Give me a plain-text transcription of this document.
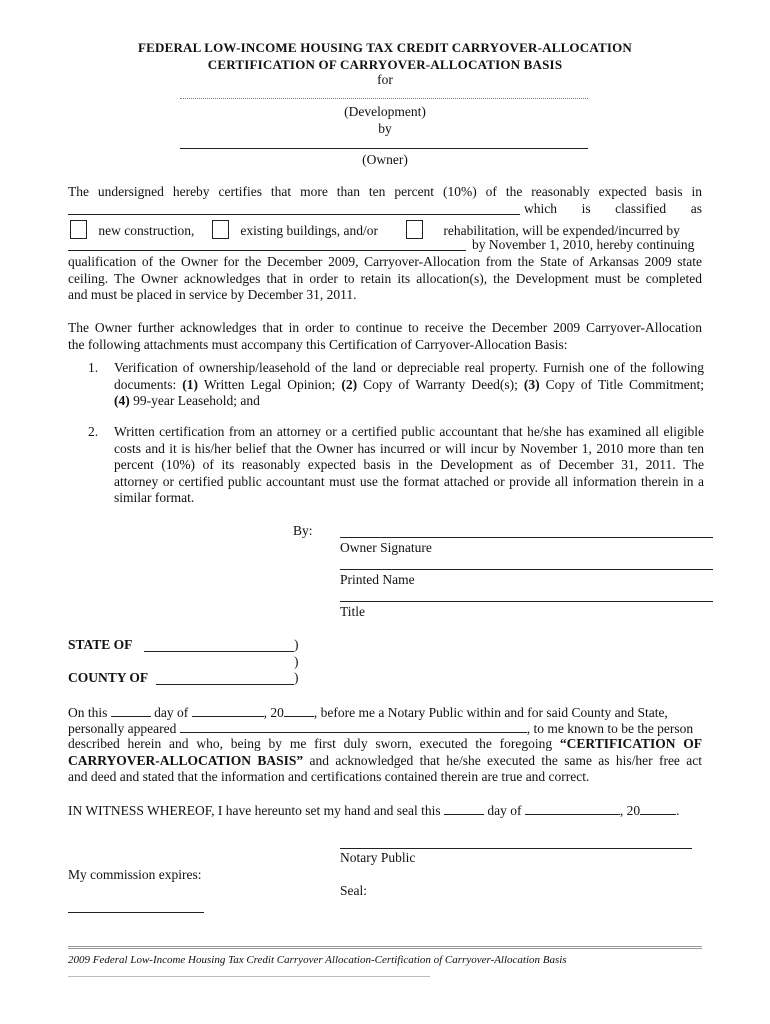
FEDERAL LOW-INCOME HOUSING TAX CREDIT CARRYOVER-ALLOCATION
CERTIFICATION OF CARRYOVER-ALLOCATION BASIS
for
(Development)
by
(Owner)

The undersigned hereby certifies that more than ten percent (10%) of the reasonably expected basis in

which is classified as
new construction,	existing buildings, and/or	rehabilitation, will be expended/incurred by
by November 1, 2010, hereby continuing

qualification of the Owner for the December 2009, Carryover-Allocation from the State of Arkansas 2009 state

ceiling. The Owner acknowledges that in order to retain its allocation(s), the Development must be completed

and must be placed in service by December 31, 2011.

The Owner further acknowledges that in order to continue to receive the December 2009 Carryover-Allocation

the following attachments must accompany this Certification of Carryover-Allocation Basis:

1. Verification of ownership/leasehold of the land or depreciable real property. Furnish one of the following

documents: (1) Written Legal Opinion; (2) Copy of Warranty Deed(s); (3) Copy of Title Commitment;

(4) 99-year Leasehold; and

2. Written certification from an attorney or a certified public accountant that he/she has examined all eligible

costs and it is his/her belief that the Owner has incurred or will incur by November 1, 2010 more than ten

percent (10%) of its reasonably expected basis in the Development as of December 31, 2011. The

attorney or certified public accountant must use the format attached or provide all information therein in a

similar format.

By:
Owner Signature
Printed Name
Title
STATE OF	)
)
COUNTY OF	)
On this	day of	, 20 , before me a Notary Public within and for said County and State,
personally appeared	, to me known to be the person

described herein and who, being by me first duly sworn, executed the foregoing “CERTIFICATION OF

CARRYOVER-ALLOCATION BASIS” and acknowledged that he/she executed the same as his/her free act

and deed and stated that the information and certifications contained therein are true and correct.

IN WITNESS WHEREOF, I have hereunto set my hand and seal this	day of	, 20	.
Notary Public
My commission expires:
Seal:
2009 Federal Low-Income Housing Tax Credit Carryover Allocation-Certification of Carryover-Allocation Basis
